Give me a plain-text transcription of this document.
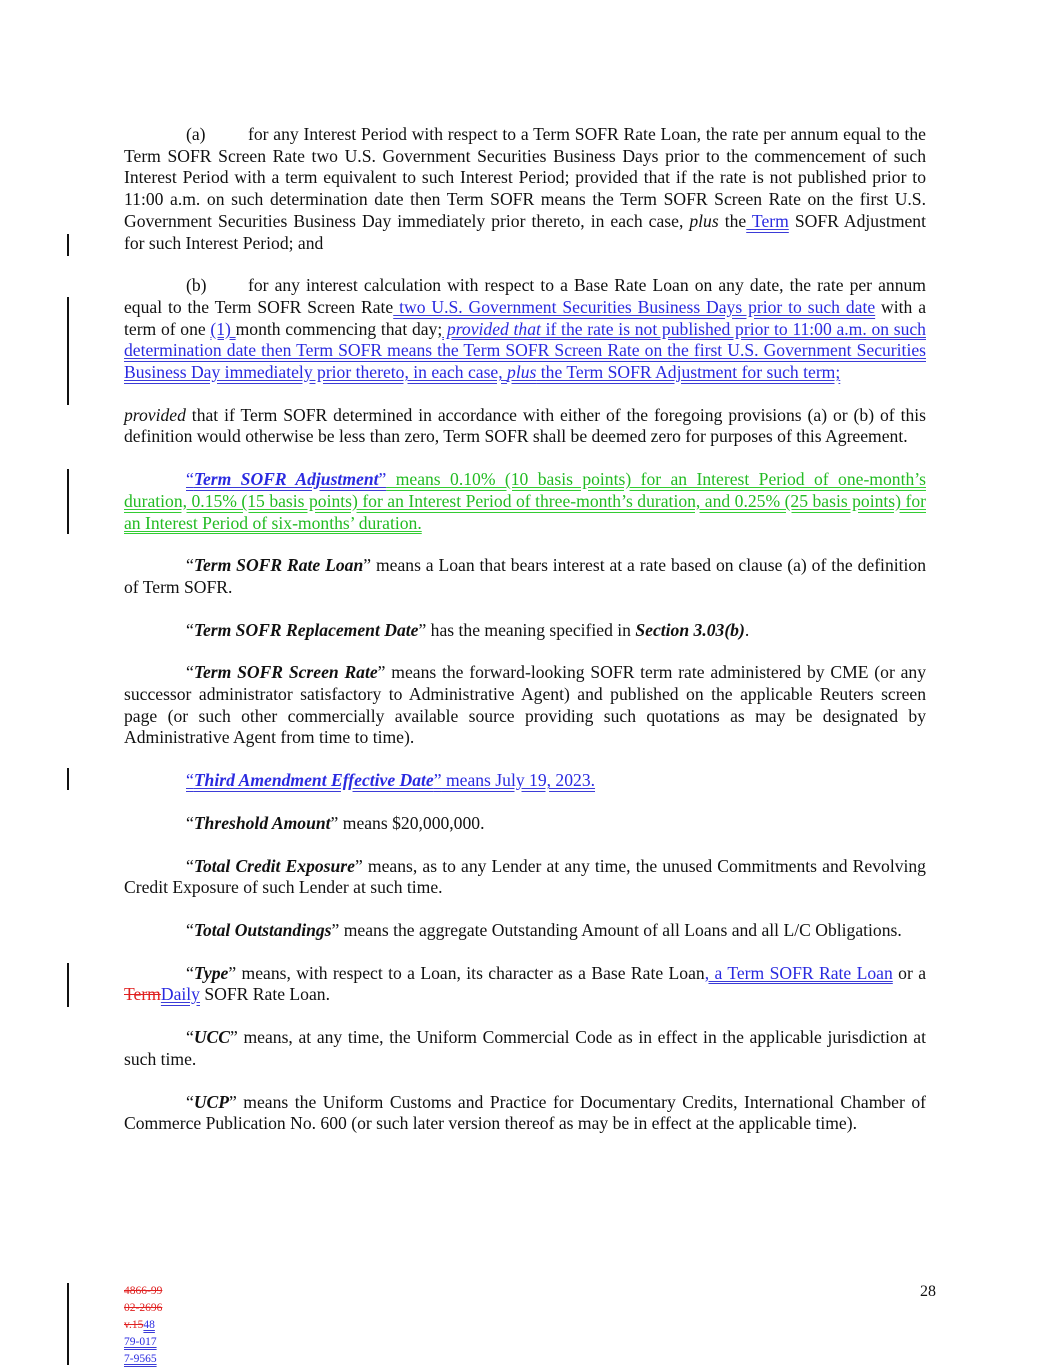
(a) for any Interest Period with respect to a Term SOFR Rate Loan, the rate per annum equal to the Term SOFR Screen Rate two U.S. Government Securities Business Days prior to the commencement of such Interest Period with a term equivalent to such Interest Period; provided that if the rate is not published prior to 11:00 a.m. on such determination date then Term SOFR means the Term SOFR Screen Rate on the first U.S. Government Securities Business Day immediately prior thereto, in each case, plus the Term SOFR Adjustment for such Interest Period; and

(b) for any interest calculation with respect to a Base Rate Loan on any date, the rate per annum equal to the Term SOFR Screen Rate two U.S. Government Securities Business Days prior to such date with a term of one (1) month commencing that day; provided that if the rate is not published prior to 11:00 a.m. on such determination date then Term SOFR means the Term SOFR Screen Rate on the first U.S. Government Securities Business Day immediately prior thereto, in each case, plus the Term SOFR Adjustment for such term;

provided that if Term SOFR determined in accordance with either of the foregoing provisions (a) or (b) of this definition would otherwise be less than zero, Term SOFR shall be deemed zero for purposes of this Agreement.

“Term SOFR Adjustment” means 0.10% (10 basis points) for an Interest Period of one-month’s duration, 0.15% (15 basis points) for an Interest Period of three-month’s duration, and 0.25% (25 basis points) for an Interest Period of six-months’ duration.

“Term SOFR Rate Loan” means a Loan that bears interest at a rate based on clause (a) of the definition of Term SOFR.

“Term SOFR Replacement Date” has the meaning specified in Section 3.03(b).

“Term SOFR Screen Rate” means the forward-looking SOFR term rate administered by CME (or any successor administrator satisfactory to Administrative Agent) and published on the applicable Reuters screen page (or such other commercially available source providing such quotations as may be designated by Administrative Agent from time to time).

“Third Amendment Effective Date” means July 19, 2023.

“Threshold Amount” means $20,000,000.

“Total Credit Exposure” means, as to any Lender at any time, the unused Commitments and Revolving Credit Exposure of such Lender at such time.

“Total Outstandings” means the aggregate Outstanding Amount of all Loans and all L/C Obligations.

“Type” means, with respect to a Loan, its character as a Base Rate Loan, a Term SOFR Rate Loan or a TermDaily SOFR Rate Loan.

“UCC” means, at any time, the Uniform Commercial Code as in effect in the applicable jurisdiction at such time.

“UCP” means the Uniform Customs and Practice for Documentary Credits, International Chamber of Commerce Publication No. 600 (or such later version thereof as may be in effect at the applicable time).

4866-99
02-2696
v.1548
79-017
7-9565
28
